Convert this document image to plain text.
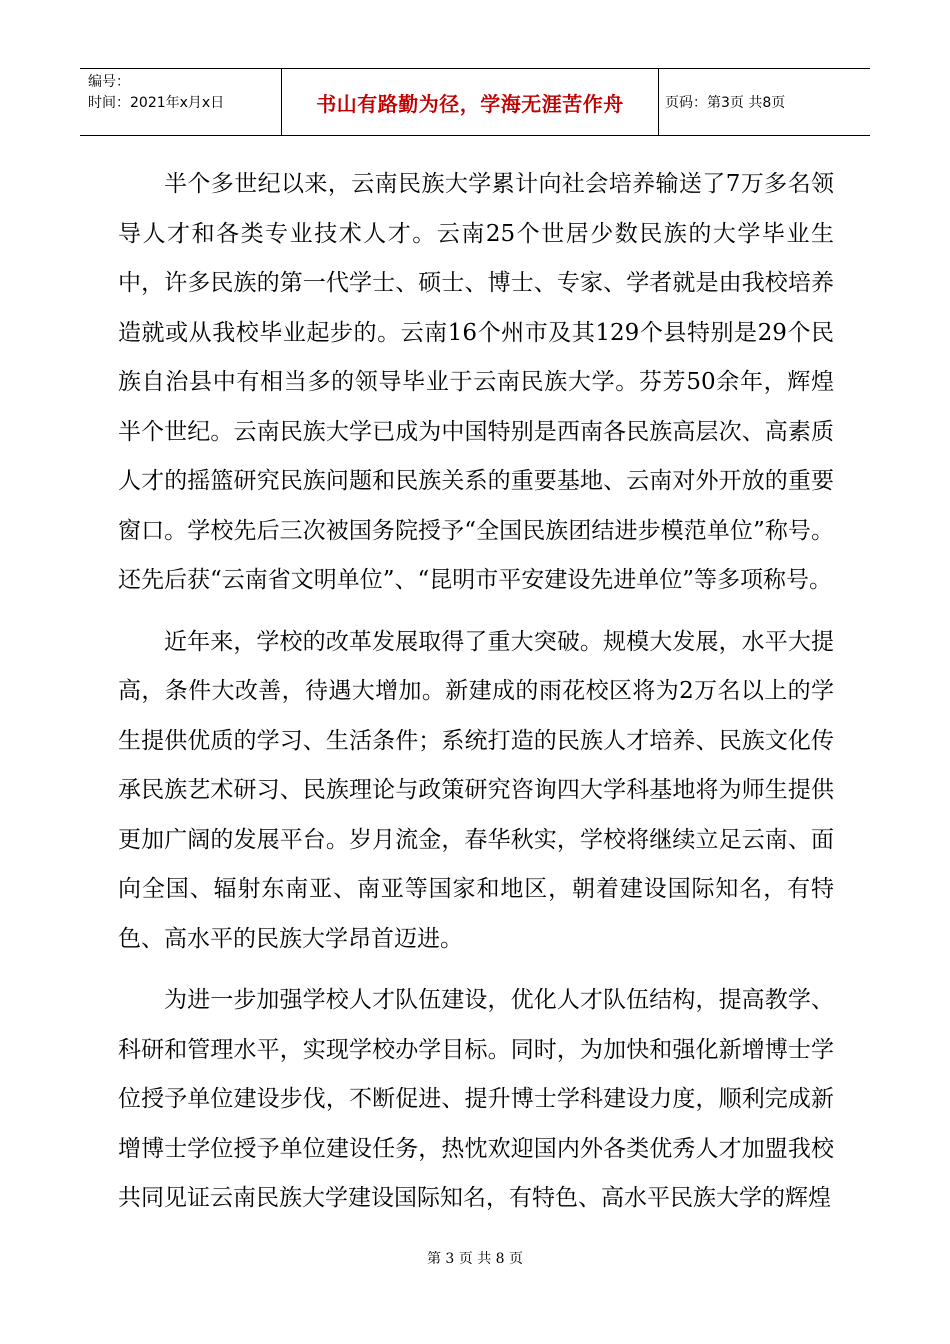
编号：
时间：2021年x月x日	书山有路勤为径，学海无涯苦作舟	页码：第3页 共8页

半个多世纪以来，云南民族大学累计向社会培养输送了7万多名领导人才和各类专业技术人才。云南25个世居少数民族的大学毕业生中，许多民族的第一代学士、硕士、博士、专家、学者就是由我校培养造就或从我校毕业起步的。云南16个州市及其129个县特别是29个民族自治县中有相当多的领导毕业于云南民族大学。芬芳50余年，辉煌半个世纪。云南民族大学已成为中国特别是西南各民族高层次、高素质人才的摇篮研究民族问题和民族关系的重要基地、云南对外开放的重要窗口。学校先后三次被国务院授予“全国民族团结进步模范单位”称号。还先后获“云南省文明单位”、“昆明市平安建设先进单位”等多项称号。

近年来，学校的改革发展取得了重大突破。规模大发展，水平大提高，条件大改善，待遇大增加。新建成的雨花校区将为2万名以上的学生提供优质的学习、生活条件；系统打造的民族人才培养、民族文化传承民族艺术研习、民族理论与政策研究咨询四大学科基地将为师生提供更加广阔的发展平台。岁月流金，春华秋实，学校将继续立足云南、面向全国、辐射东南亚、南亚等国家和地区，朝着建设国际知名，有特色、高水平的民族大学昂首迈进。

为进一步加强学校人才队伍建设，优化人才队伍结构，提高教学、科研和管理水平，实现学校办学目标。同时，为加快和强化新增博士学位授予单位建设步伐，不断促进、提升博士学科建设力度，顺利完成新增博士学位授予单位建设任务，热忱欢迎国内外各类优秀人才加盟我校共同见证云南民族大学建设国际知名，有特色、高水平民族大学的辉煌

第 3 页 共 8 页
